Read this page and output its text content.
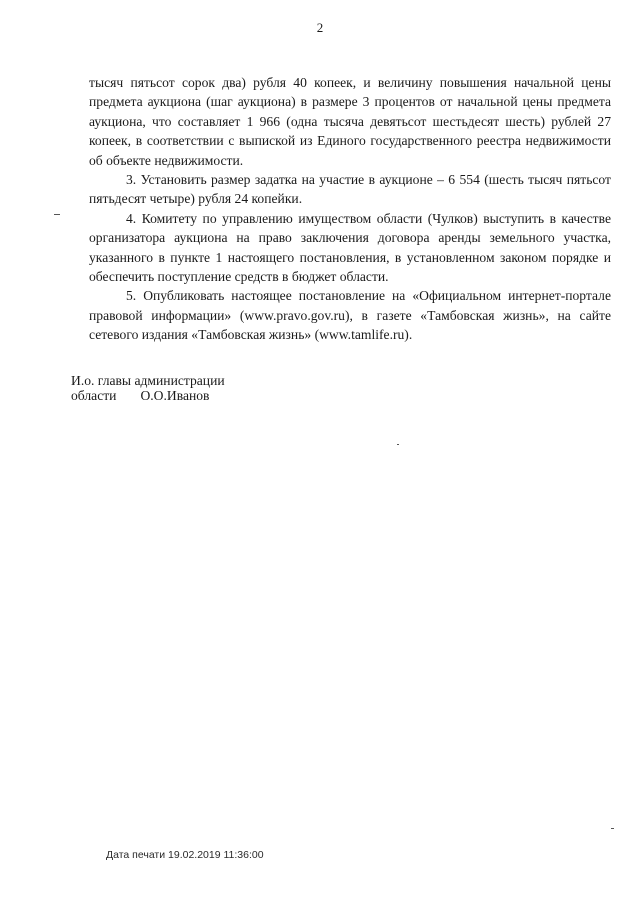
2

тысяч пятьсот сорок два) рубля 40 копеек, и величину повышения начальной цены предмета аукциона (шаг аукциона) в размере 3 процентов от начальной цены предмета аукциона, что составляет 1 966 (одна тысяча девятьсот шестьдесят шесть) рублей 27 копеек, в соответствии с выпиской из Единого государственного реестра недвижимости об объекте недвижимости.

3. Установить размер задатка на участие в аукционе – 6 554 (шесть тысяч пятьсот пятьдесят четыре) рубля 24 копейки.

4. Комитету по управлению имуществом области (Чулков) выступить в качестве организатора аукциона на право заключения договора аренды земельного участка, указанного в пункте 1 настоящего постановления, в установленном законом порядке и обеспечить поступление средств в бюджет области.

5. Опубликовать настоящее постановление на «Официальном интернет-портале правовой информации» (www.pravo.gov.ru), в газете «Тамбовская жизнь», на сайте сетевого издания «Тамбовская жизнь» (www.tamlife.ru).

И.о. главы администрации
области О.О.Иванов
Дата печати 19.02.2019 11:36:00
